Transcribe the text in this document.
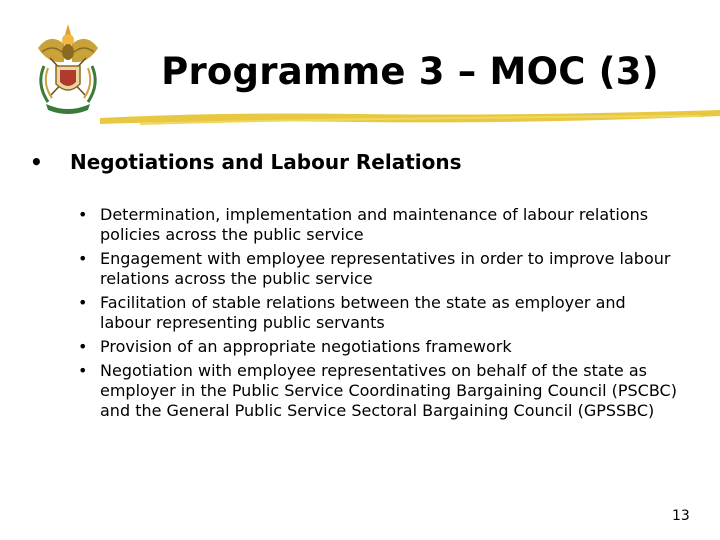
Programme 3 – MOC (3)
• Negotiations and Labour Relations
• Determination, implementation and maintenance of labour relations policies across the public service
• Engagement with employee representatives in order to improve labour relations across the public service
• Facilitation of stable relations between the state as employer and labour representing public servants
• Provision of an appropriate negotiations framework
• Negotiation with employee representatives on behalf of the state as employer in the Public Service Coordinating Bargaining Council (PSCBC) and the General Public Service Sectoral Bargaining Council (GPSSBC)
13
